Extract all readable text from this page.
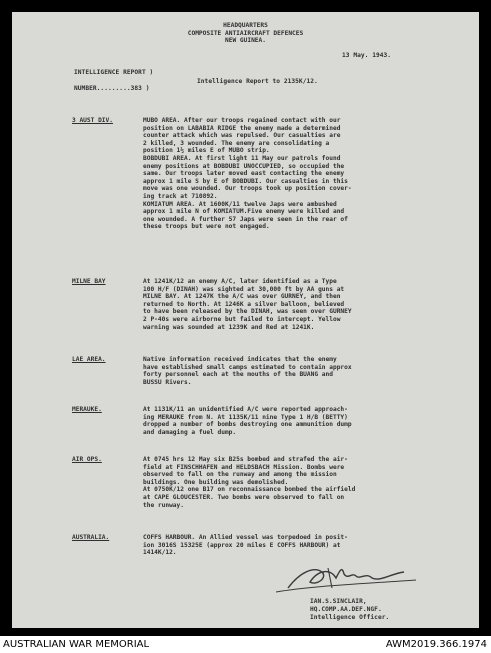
HEADQUARTERS
COMPOSITE ANTIAIRCRAFT DEFENCES
NEW GUINEA.
13 May. 1943.
INTELLIGENCE REPORT )
NUMBER.........383 )
Intelligence Report to 2135K/12.
3 AUST DIV.	MUBO AREA. After our troops regained contact with our
position on LABABIA RIDGE the enemy made a determined
counter attack which was repulsed. Our casualties are
2 killed, 3 wounded. The enemy are consolidating a
position 1½ miles E of MUBO strip.
BOBDUBI AREA. At first light 11 May our patrols found
enemy positions at BOBDUBI UNOCCUPIED, so occupied the
same. Our troops later moved east contacting the enemy
approx 1 mile S by E of BOBDUBI. Our casualties in this
move was one wounded. Our troops took up position cover-
ing track at 710892.
KOMIATUM AREA. At 1600K/11 twelve Japs were ambushed
approx 1 mile N of KOMIATUM.Five enemy were killed and
one wounded. A further 57 Japs were seen in the rear of
these troops but were not engaged.
MILNE BAY	At 1241K/12 an enemy A/C, later identified as a Type
100 H/F (DINAH) was sighted at 30,000 ft by AA guns at
MILNE BAY. At 1247K the A/C was over GURNEY, and then
returned to North. At 1246K a silver balloon, believed
to have been released by the DINAH, was seen over GURNEY
2 P-40s were airborne but failed to intercept. Yellow
warning was sounded at 1239K and Red at 1241K.
LAE AREA.	Native information received indicates that the enemy
have established small camps estimated to contain approx
forty personnel each at the mouths of the BUANG and
BUSSU Rivers.
MERAUKE.	At 1131K/11 an unidentified A/C were reported approach-
ing MERAUKE from N. At 1135K/11 nine Type 1 H/B (BETTY)
dropped a number of bombs destroying one ammunition dump
and damaging a fuel dump.
AIR OPS.	At 0745 hrs 12 May six B25s bombed and strafed the air-
field at FINSCHHAFEN and HELDSBACH Mission. Bombs were
observed to fall on the runway and among the mission
buildings. One building was demolished.
At 0750K/12 one B17 on reconnaissance bombed the airfield
at CAPE GLOUCESTER. Two bombs were observed to fall on
the runway.
AUSTRALIA.	COFFS HARBOUR. An Allied vessel was torpedoed in posit-
ion 3016S 15325E (approx 20 miles E COFFS HARBOUR) at
1414K/12.
IAN.S.SINCLAIR,
HQ.COMP.AA.DEF.NGF.
Intelligence Officer.
AUSTRALIAN WAR MEMORIAL	AWM2019.366.1974
